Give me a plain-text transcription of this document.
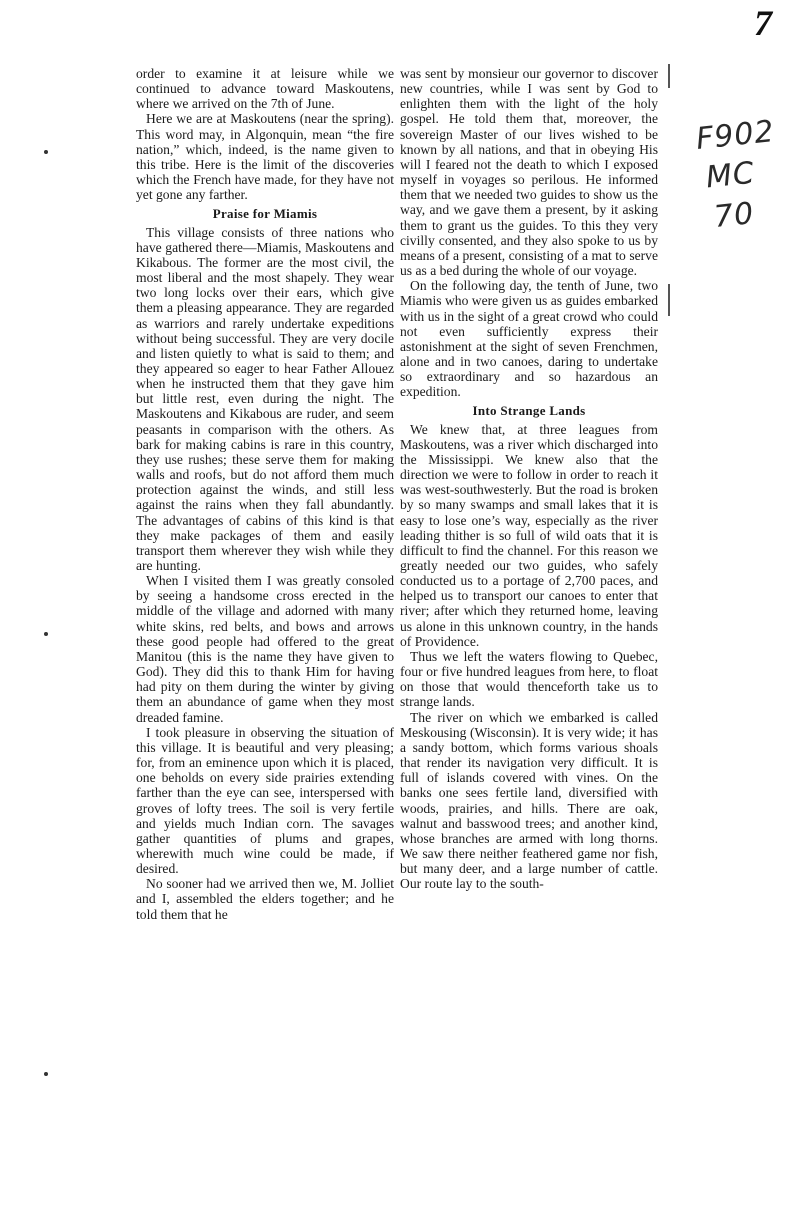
7
F902
MC
70

order to examine it at leisure while we continued to advance toward Maskoutens, where we arrived on the 7th of June.

Here we are at Maskoutens (near the spring). This word may, in Algonquin, mean “the fire nation,” which, indeed, is the name given to this tribe. Here is the limit of the discoveries which the French have made, for they have not yet gone any farther.

Praise for Miamis

This village consists of three nations who have gathered there—Miamis, Maskoutens and Kikabous. The former are the most civil, the most liberal and the most shapely. They wear two long locks over their ears, which give them a pleasing appearance. They are regarded as warriors and rarely undertake expeditions without being successful. They are very docile and listen quietly to what is said to them; and they appeared so eager to hear Father Allouez when he instructed them that they gave him but little rest, even during the night. The Maskoutens and Kikabous are ruder, and seem peasants in comparison with the others. As bark for making cabins is rare in this country, they use rushes; these serve them for making walls and roofs, but do not afford them much protection against the winds, and still less against the rains when they fall abundantly. The advantages of cabins of this kind is that they make packages of them and easily transport them wherever they wish while they are hunting.

When I visited them I was greatly consoled by seeing a handsome cross erected in the middle of the village and adorned with many white skins, red belts, and bows and arrows these good people had offered to the great Manitou (this is the name they have given to God). They did this to thank Him for having had pity on them during the winter by giving them an abundance of game when they most dreaded famine.

I took pleasure in observing the situation of this village. It is beautiful and very pleasing; for, from an eminence upon which it is placed, one beholds on every side prairies extending farther than the eye can see, interspersed with groves of lofty trees. The soil is very fertile and yields much Indian corn. The savages gather quantities of plums and grapes, wherewith much wine could be made, if desired.

No sooner had we arrived then we, M. Jolliet and I, assembled the elders together; and he told them that he

was sent by monsieur our governor to discover new countries, while I was sent by God to enlighten them with the light of the holy gospel. He told them that, moreover, the sovereign Master of our lives wished to be known by all nations, and that in obeying His will I feared not the death to which I exposed myself in voyages so perilous. He informed them that we needed two guides to show us the way, and we gave them a present, by it asking them to grant us the guides. To this they very civilly consented, and they also spoke to us by means of a present, consisting of a mat to serve us as a bed during the whole of our voyage.

On the following day, the tenth of June, two Miamis who were given us as guides embarked with us in the sight of a great crowd who could not even sufficiently express their astonishment at the sight of seven Frenchmen, alone and in two canoes, daring to undertake so extraordinary and so hazardous an expedition.

Into Strange Lands

We knew that, at three leagues from Maskoutens, was a river which discharged into the Mississippi. We knew also that the direction we were to follow in order to reach it was west-southwesterly. But the road is broken by so many swamps and small lakes that it is easy to lose one’s way, especially as the river leading thither is so full of wild oats that it is difficult to find the channel. For this reason we greatly needed our two guides, who safely conducted us to a portage of 2,700 paces, and helped us to transport our canoes to enter that river; after which they returned home, leaving us alone in this unknown country, in the hands of Providence.

Thus we left the waters flowing to Quebec, four or five hundred leagues from here, to float on those that would thenceforth take us to strange lands.

The river on which we embarked is called Meskousing (Wisconsin). It is very wide; it has a sandy bottom, which forms various shoals that render its navigation very difficult. It is full of islands covered with vines. On the banks one sees fertile land, diversified with woods, prairies, and hills. There are oak, walnut and basswood trees; and another kind, whose branches are armed with long thorns. We saw there neither feathered game nor fish, but many deer, and a large number of cattle. Our route lay to the south-
